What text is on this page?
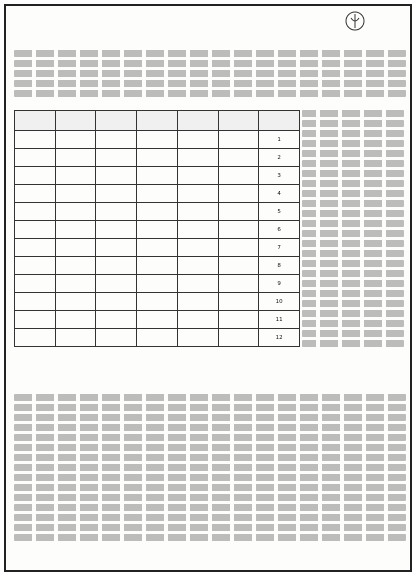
1						
2						
3						
4						
5						
6						
7						
8						
9						
10						
11						
12						
